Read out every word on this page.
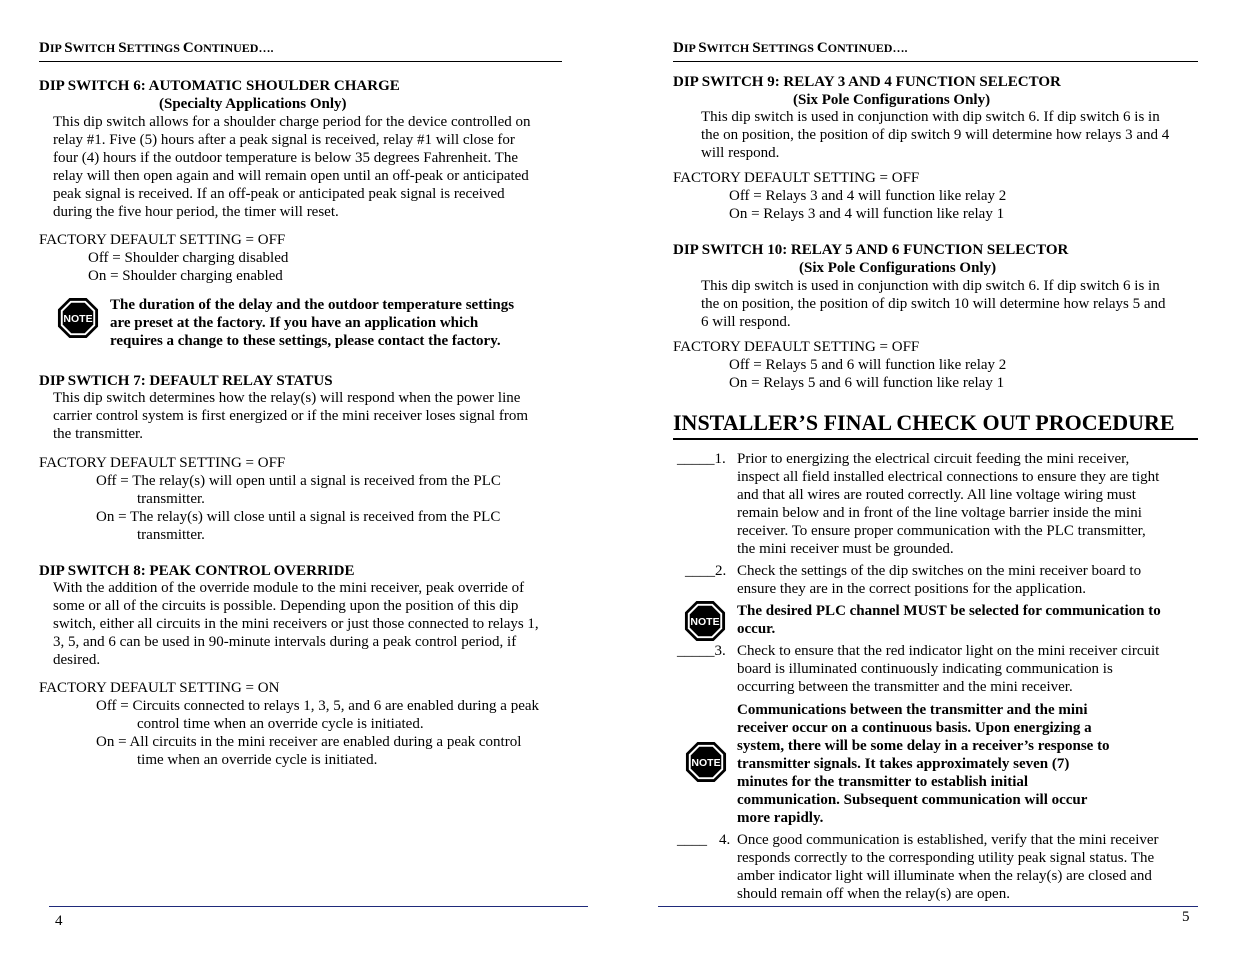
DIP SWITCH SETTINGS CONTINUED….
DIP SWITCH 6: AUTOMATIC SHOULDER CHARGE
(Specialty Applications Only)
This dip switch allows for a shoulder charge period for the device controlled on
relay #1. Five (5) hours after a peak signal is received, relay #1 will close for
four (4) hours if the outdoor temperature is below 35 degrees Fahrenheit. The
relay will then open again and will remain open until an off-peak or anticipated
peak signal is received. If an off-peak or anticipated peak signal is received
during the five hour period, the timer will reset.
FACTORY DEFAULT SETTING = OFF
Off = Shoulder charging disabled
On = Shoulder charging enabled
NOTE
The duration of the delay and the outdoor temperature settings
are preset at the factory. If you have an application which
requires a change to these settings, please contact the factory.
DIP SWTICH 7: DEFAULT RELAY STATUS
This dip switch determines how the relay(s) will respond when the power line
carrier control system is first energized or if the mini receiver loses signal from
the transmitter.
FACTORY DEFAULT SETTING = OFF
Off = The relay(s) will open until a signal is received from the PLC
transmitter.
On = The relay(s) will close until a signal is received from the PLC
transmitter.
DIP SWITCH 8: PEAK CONTROL OVERRIDE
With the addition of the override module to the mini receiver, peak override of
some or all of the circuits is possible. Depending upon the position of this dip
switch, either all circuits in the mini receivers or just those connected to relays 1,
3, 5, and 6 can be used in 90-minute intervals during a peak control period, if
desired.
FACTORY DEFAULT SETTING = ON
Off = Circuits connected to relays 1, 3, 5, and 6 are enabled during a peak
control time when an override cycle is initiated.
On = All circuits in the mini receiver are enabled during a peak control
time when an override cycle is initiated.
4
DIP SWITCH SETTINGS CONTINUED….
DIP SWITCH 9: RELAY 3 AND 4 FUNCTION SELECTOR
(Six Pole Configurations Only)
This dip switch is used in conjunction with dip switch 6. If dip switch 6 is in
the on position, the position of dip switch 9 will determine how relays 3 and 4
will respond.
FACTORY DEFAULT SETTING = OFF
Off = Relays 3 and 4 will function like relay 2
On = Relays 3 and 4 will function like relay 1
DIP SWITCH 10: RELAY 5 AND 6 FUNCTION SELECTOR
(Six Pole Configurations Only)
This dip switch is used in conjunction with dip switch 6. If dip switch 6 is in
the on position, the position of dip switch 10 will determine how relays 5 and
6 will respond.
FACTORY DEFAULT SETTING = OFF
Off = Relays 5 and 6 will function like relay 2
On = Relays 5 and 6 will function like relay 1
INSTALLER’S FINAL CHECK OUT PROCEDURE
_____1. Prior to energizing the electrical circuit feeding the mini receiver,
inspect all field installed electrical connections to ensure they are tight
and that all wires are routed correctly. All line voltage wiring must
remain below and in front of the line voltage barrier inside the mini
receiver. To ensure proper communication with the PLC transmitter,
the mini receiver must be grounded.
____2. Check the settings of the dip switches on the mini receiver board to
ensure they are in the correct positions for the application.
NOTE
The desired PLC channel MUST be selected for communication to
occur.
_____3. Check to ensure that the red indicator light on the mini receiver circuit
board is illuminated continuously indicating communication is
occurring between the transmitter and the mini receiver.
NOTE
Communications between the transmitter and the mini
receiver occur on a continuous basis. Upon energizing a
system, there will be some delay in a receiver’s response to
transmitter signals. It takes approximately seven (7)
minutes for the transmitter to establish initial
communication. Subsequent communication will occur
more rapidly.
____ 4. Once good communication is established, verify that the mini receiver
responds correctly to the corresponding utility peak signal status. The
amber indicator light will illuminate when the relay(s) are closed and
should remain off when the relay(s) are open.
5
